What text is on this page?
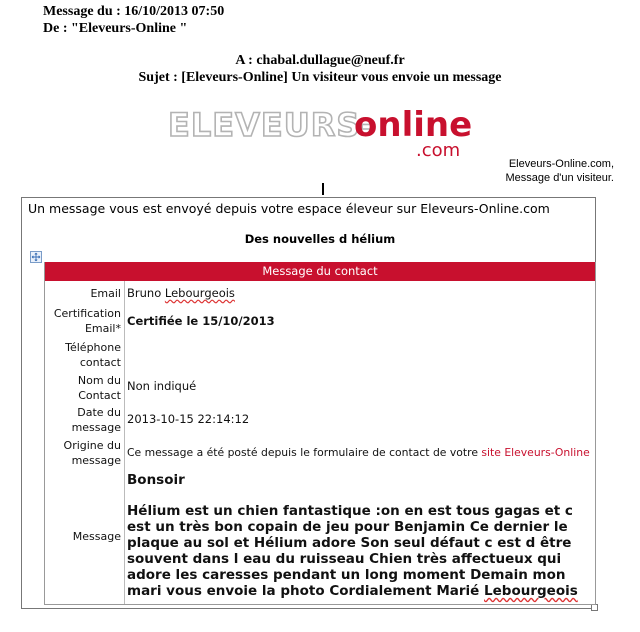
Message du : 16/10/2013 07:50
De : "Eleveurs-Online "
A : chabal.dullague@neuf.fr
Sujet : [Eleveurs-Online] Un visiteur vous envoie un message
ELEVEURS-
online
.com
Eleveurs-Online.com,
Message d'un visiteur.
Un message vous est envoyé depuis votre espace éleveur sur Eleveurs-Online.com
Des nouvelles d hélium
Message du contact
Email Bruno Lebourgeois
Certification
Email*
Certifiée le 15/10/2013
Téléphone
contact
Nom du
Contact
Non indiqué
Date du
message
2013-10-15 22:14:12
Origine du
message
Ce message a été posté depuis le formulaire de contact de votre site Eleveurs-Online
Bonsoir
Message
Hélium est un chien fantastique :on en est tous gagas et c est un très bon copain de jeu pour Benjamin Ce dernier le plaque au sol et Hélium adore Son seul défaut c est d être souvent dans l eau du ruisseau Chien très affectueux qui adore les caresses pendant un long moment Demain mon mari vous envoie la photo Cordialement Marié Lebourgeois
